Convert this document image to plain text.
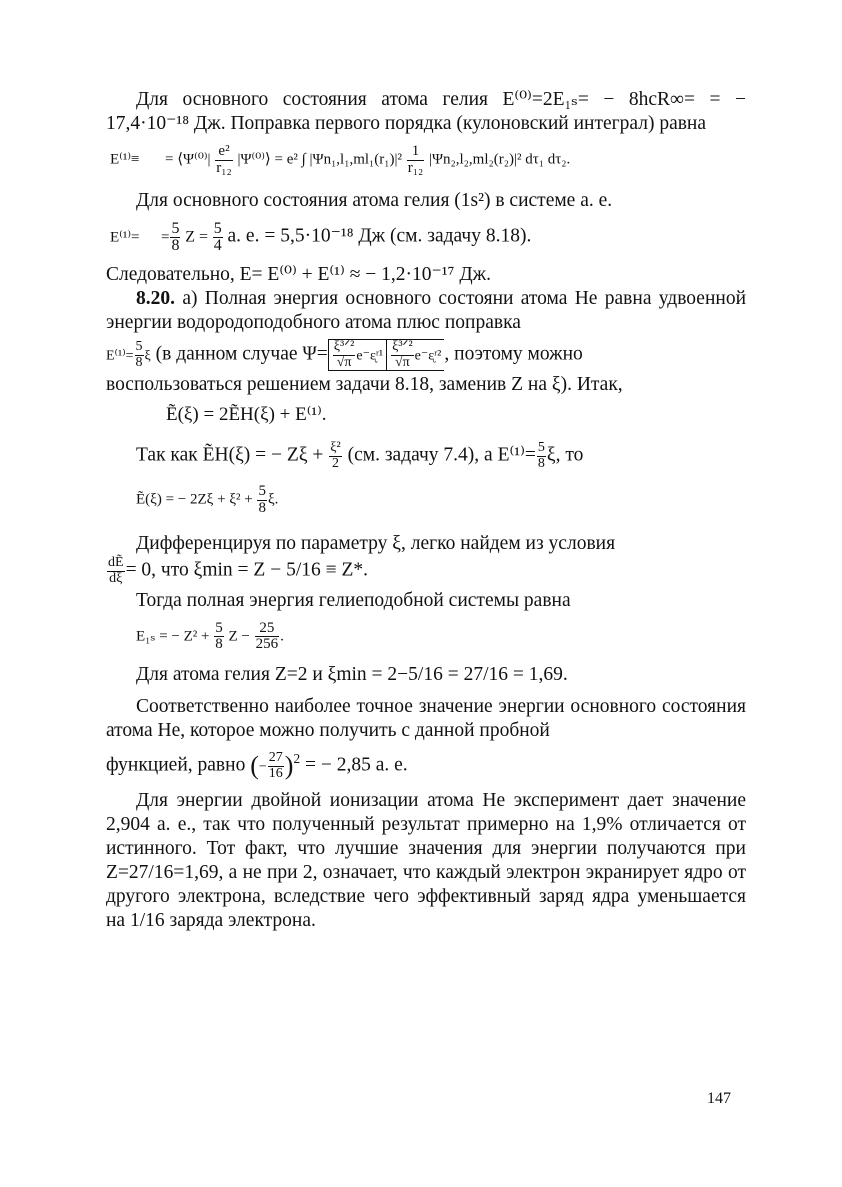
Для основного состояния атома гелия E⁽⁰⁾=2E₁ₛ= − 8hcR∞= = − 17,4·10⁻¹⁸ Дж. Поправка первого порядка (кулоновский интеграл) равна

E⁽¹⁾≡ = ⟨Ψ⁽⁰⁾| $\frac{\text{e²}}{\text{r₁₂}}$ |Ψ⁽⁰⁾⟩ = e² ∫ $|\Psi n_1,l_1,ml_1(r_1)|^2 \frac{1}{\text{r₁₂}} |\Psi n_2,l_2,ml_2(r_2)|^2$ dτ₁ dτ₂.

Для основного состояния атома гелия (1s²) в системе а. е.

$E^{(1)}= = \frac{5}{8}$ $Z = \frac{5}{4} а$. е. = 5,5·10⁻¹⁸ Дж (см. задачу 8.18).

Следовательно, E= E⁽⁰⁾ + E⁽¹⁾ ≈ − 1,2·10⁻¹⁷ Дж.

8.20. а) Полная энергия основного состояни атома He равна удвоенной энергии водородоподобного атома плюс поправка

$E^{(1)}= \frac{5}{8}$ ξ (в данном случае $\Psi= \frac{\text{ξ³ᐟ²}}{√\pi}$ e⁻ᶓʳ¹ $\frac{\text{ξ³ᐟ²}}{√\pi}$ e⁻ᶓʳ² , поэтому можно

воспользоваться решением задачи 8.18, заменив Z на ξ). Итак,

Ẽ(ξ) = 2ẼH(ξ) + E⁽¹⁾.
Так как ẼH(ξ) = − $Z\xi + \frac{\text{ξ²}}{2} (см$. задачу 7.4), а $E^{(1)}= \frac{5}{8} \xi$, то
Ẽ(ξ) = − $2Z\xi + \xi^2 + \frac{5}{8} \xi$.

Дифференцируя по параметру ξ, легко найдем из условия

$\frac{\text{dẼ}}{d\xi} = 0$, что ξmin = Z − 5/16 ≡ Z*.

Тогда полная энергия гелиеподобной системы равна

E₁ₛ = − $Z^2 + \frac{5}{8}$ $Z - \frac{25}{256}$ .

Для атома гелия Z=2 и ξmin = 2−5/16 = 27/16 = 1,69.

Соответственно наиболее точное значение энергии основного состояния атома He, которое можно получить с данной пробной

функцией, равно (− $\frac{27}{16} )^2$ = − 2,85 а. е.

Для энергии двойной ионизации атома He эксперимент дает значение 2,904 а. е., так что полученный результат примерно на 1,9% отличается от истинного. Тот факт, что лучшие значения для энергии получаются при Z=27/16=1,69, а не при 2, означает, что каждый электрон экранирует ядро от другого электрона, вследствие чего эффективный заряд ядра уменьшается на 1/16 заряда электрона.

147
